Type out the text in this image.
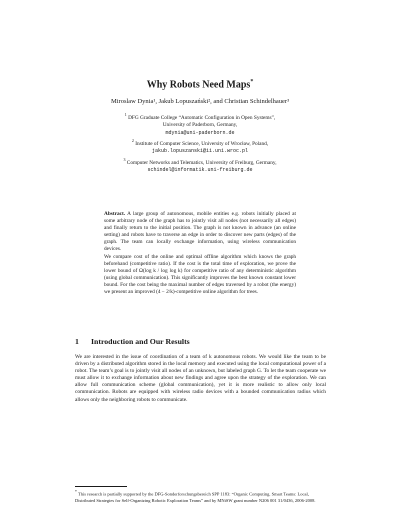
Why Robots Need Maps*
Miroslaw Dynia¹, Jakub Lopuszański², and Christian Schindelhauer³
$^1$ DFG Graduate College “Automatic Configuration in Open Systems”,
University of Paderborn, Germany,
mdynia@uni-paderborn.de
$^2$ Institute of Computer Science, University of Wrocław, Poland,
jakub.lopuszanski@ii.uni.wroc.pl
$^3$ Computer Networks and Telematics, University of Freiburg, Germany,
schindel@informatik.uni-freiburg.de

Abstract. A large group of autonomous, mobile entities e.g. robots initially placed at some arbitrary node of the graph has to jointly visit all nodes (not necessarily all edges) and finally return to the initial position. The graph is not known in advance (an online setting) and robots have to traverse an edge in order to discover new parts (edges) of the graph. The team can locally exchange information, using wireless communication devices.

We compare cost of the online and optimal offline algorithm which knows the graph beforehand (competitive ratio). If the cost is the total time of exploration, we prove the lower bound of Ω(log k / log log k) for competitive ratio of any deterministic algorithm (using global communication). This significantly improves the best known constant lower bound. For the cost being the maximal number of edges traversed by a robot (the energy) we present an improved (4 − 2/k)-competitive online algorithm for trees.

1 Introduction and Our Results

We are interested in the issue of coordination of a team of k autonomous robots. We would like the team to be driven by a distributed algorithm stored in the local memory and executed using the local computational power of a robot. The team’s goal is to jointly visit all nodes of an unknown, but labeled graph G. To let the team cooperate we must allow it to exchange information about new findings and agree upon the strategy of the exploration. We can allow full communication scheme (global communication), yet it is more realistic to allow only local communication. Robots are equipped with wireless radio devices with a bounded communication radius which allows only the neighboring robots to communicate.

* This research is partially supported by the DFG-Sonderforschungsbereich SPP 1183: “Organic Computing. Smart Teams: Local, Distributed Strategies for Self-Organizing Robotic Exploration Teams” and by MNiSW grant number N206 001 31/0436, 2006-2008.
